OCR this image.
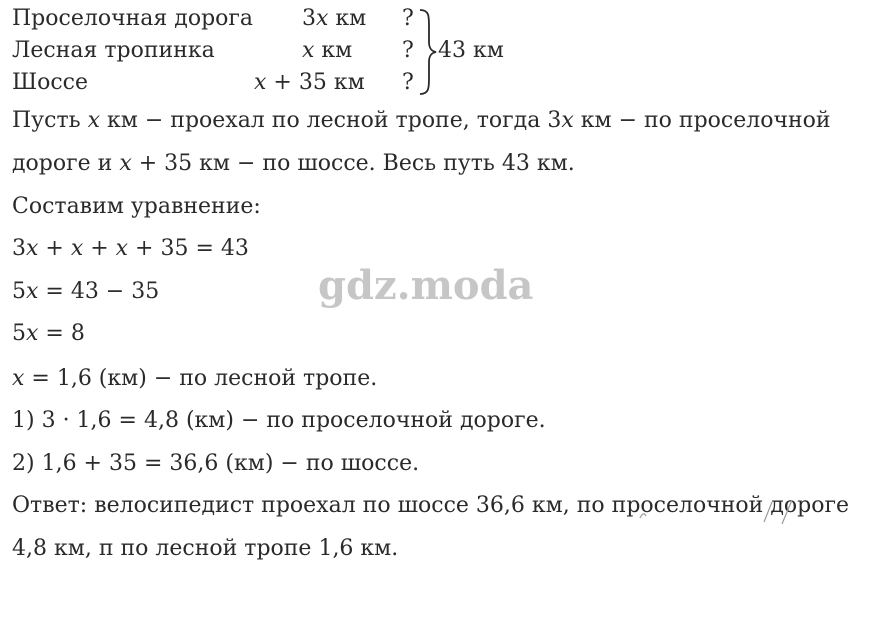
Проселочная дорога 3𝑥 км ?
Лесная тропинка	𝑥 км ?
Шоссе	𝑥 + 35 км ?
43 км
Пусть 𝑥 км − проехал по лесной тропе, тогда 3𝑥 км − по проселочной
дороге и 𝑥 + 35 км − по шоссе. Весь путь 43 км.
Составим уравнение:
3𝑥 + 𝑥 + 𝑥 + 35 = 43
5𝑥 = 43 − 35
5𝑥 = 8
𝑥 = 1,6 (км) − по лесной тропе.
1) 3 · 1,6 = 4,8 (км) − по проселочной дороге.
2) 1,6 + 35 = 36,6 (км) − по шоссе.
Ответ: велосипедист проехал по шоссе 36,6 км, по проселочной дороге
4,8 км, п по лесной тропе 1,6 км.
gdz.moda
